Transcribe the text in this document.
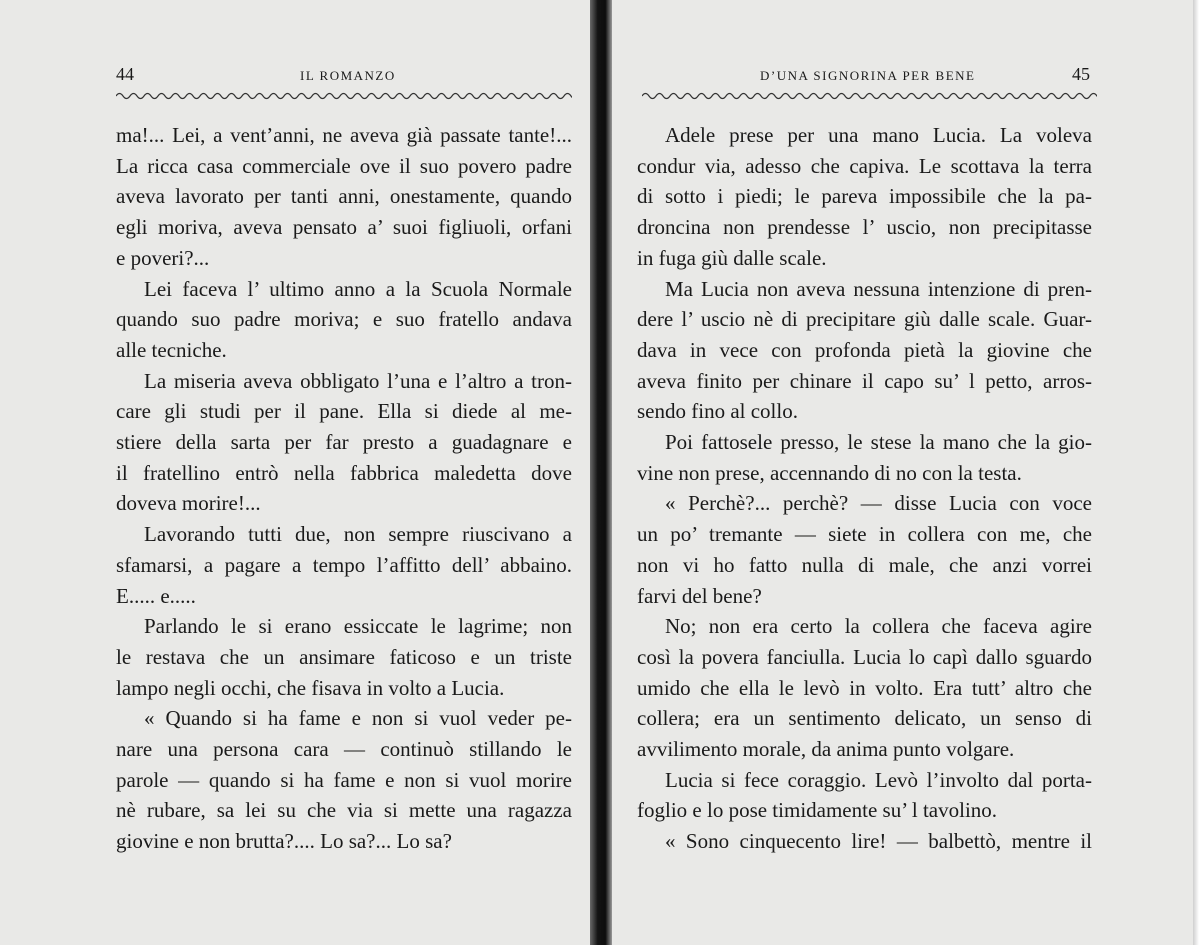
44	IL ROMANZO
ma!... Lei, a vent’anni, ne aveva già passate tante!...
La ricca casa commerciale ove il suo povero padre
aveva lavorato per tanti anni, onestamente, quando
egli moriva, aveva pensato a’ suoi figliuoli, orfani
e poveri?...
Lei faceva l’ ultimo anno a la Scuola Normale
quando suo padre moriva; e suo fratello andava
alle tecniche.
La miseria aveva obbligato l’una e l’altro a tron-
care gli studi per il pane. Ella si diede al me-
stiere della sarta per far presto a guadagnare e
il fratellino entrò nella fabbrica maledetta dove
doveva morire!...
Lavorando tutti due, non sempre riuscivano a
sfamarsi, a pagare a tempo l’affitto dell’ abbaino.
E..... e.....
Parlando le si erano essiccate le lagrime; non
le restava che un ansimare faticoso e un triste
lampo negli occhi, che fisava in volto a Lucia.
« Quando si ha fame e non si vuol veder pe-
nare una persona cara — continuò stillando le
parole — quando si ha fame e non si vuol morire
nè rubare, sa lei su che via si mette una ragazza
giovine e non brutta?.... Lo sa?... Lo sa?
D’UNA SIGNORINA PER BENE	45
Adele prese per una mano Lucia. La voleva
condur via, adesso che capiva. Le scottava la terra
di sotto i piedi; le pareva impossibile che la pa-
droncina non prendesse l’ uscio, non precipitasse
in fuga giù dalle scale.
Ma Lucia non aveva nessuna intenzione di pren-
dere l’ uscio nè di precipitare giù dalle scale. Guar-
dava in vece con profonda pietà la giovine che
aveva finito per chinare il capo su’ l petto, arros-
sendo fino al collo.
Poi fattosele presso, le stese la mano che la gio-
vine non prese, accennando di no con la testa.
« Perchè?... perchè? — disse Lucia con voce
un po’ tremante — siete in collera con me, che
non vi ho fatto nulla di male, che anzi vorrei
farvi del bene?
No; non era certo la collera che faceva agire
così la povera fanciulla. Lucia lo capì dallo sguardo
umido che ella le levò in volto. Era tutt’ altro che
collera; era un sentimento delicato, un senso di
avvilimento morale, da anima punto volgare.
Lucia si fece coraggio. Levò l’involto dal porta-
foglio e lo pose timidamente su’ l tavolino.
« Sono cinquecento lire! — balbettò, mentre il
